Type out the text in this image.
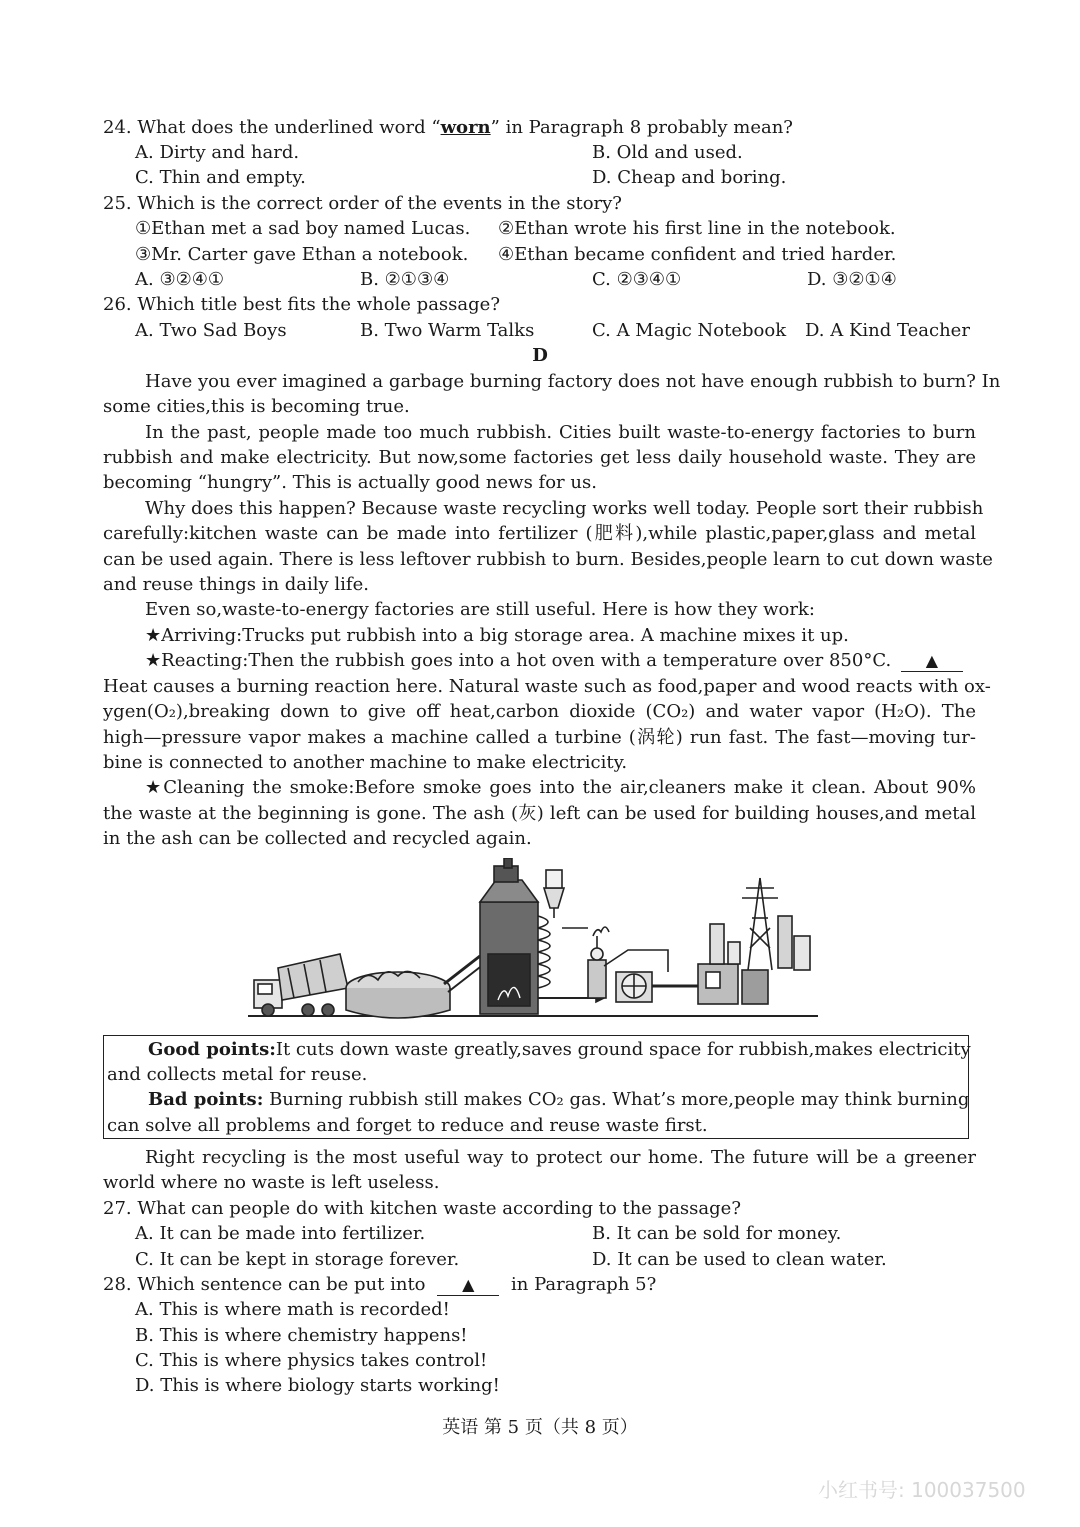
24. What does the underlined word “worn” in Paragraph 8 probably mean?
A. Dirty and hard.	B. Old and used.
C. Thin and empty.	D. Cheap and boring.
25. Which is the correct order of the events in the story?
①Ethan met a sad boy named Lucas. ②Ethan wrote his first line in the notebook.
③Mr. Carter gave Ethan a notebook. ④Ethan became confident and tried harder.
A. ③②④①	B. ②①③④	C. ②③④①	D. ③②①④
26. Which title best fits the whole passage?
A. Two Sad Boys	B. Two Warm Talks	C. A Magic Notebook D. A Kind Teacher
D
Have you ever imagined a garbage burning factory does not have enough rubbish to burn? In
some cities,this is becoming true.
In the past, people made too much rubbish. Cities built waste-to-energy factories to burn
rubbish and make electricity. But now,some factories get less daily household waste. They are
becoming “hungry”. This is actually good news for us.
Why does this happen? Because waste recycling works well today. People sort their rubbish
carefully:kitchen waste can be made into fertilizer (肥料),while plastic,paper,glass and metal
can be used again. There is less leftover rubbish to burn. Besides,people learn to cut down waste
and reuse things in daily life.
Even so,waste-to-energy factories are still useful. Here is how they work:
★Arriving:Trucks put rubbish into a big storage area. A machine mixes it up.
★Reacting:Then the rubbish goes into a hot oven with a temperature over 850°C. ▲
Heat causes a burning reaction here. Natural waste such as food,paper and wood reacts with ox-
ygen(O₂),breaking down to give off heat,carbon dioxide (CO₂) and water vapor (H₂O). The
high—pressure vapor makes a machine called a turbine (涡轮) run fast. The fast—moving tur-
bine is connected to another machine to make electricity.
★Cleaning the smoke:Before smoke goes into the air,cleaners make it clean. About 90%
the waste at the beginning is gone. The ash (灰) left can be used for building houses,and metal
in the ash can be collected and recycled again.
Good points:It cuts down waste greatly,saves ground space for rubbish,makes electricity
and collects metal for reuse.
Bad points: Burning rubbish still makes CO₂ gas. What’s more,people may think burning
can solve all problems and forget to reduce and reuse waste first.
Right recycling is the most useful way to protect our home. The future will be a greener
world where no waste is left useless.
27. What can people do with kitchen waste according to the passage?
A. It can be made into fertilizer.	B. It can be sold for money.
C. It can be kept in storage forever.	D. It can be used to clean water.
28. Which sentence can be put into ▲ in Paragraph 5?
A. This is where math is recorded!
B. This is where chemistry happens!
C. This is where physics takes control!
D. This is where biology starts working!
英语 第 5 页（共 8 页）
小红书号: 100037500
